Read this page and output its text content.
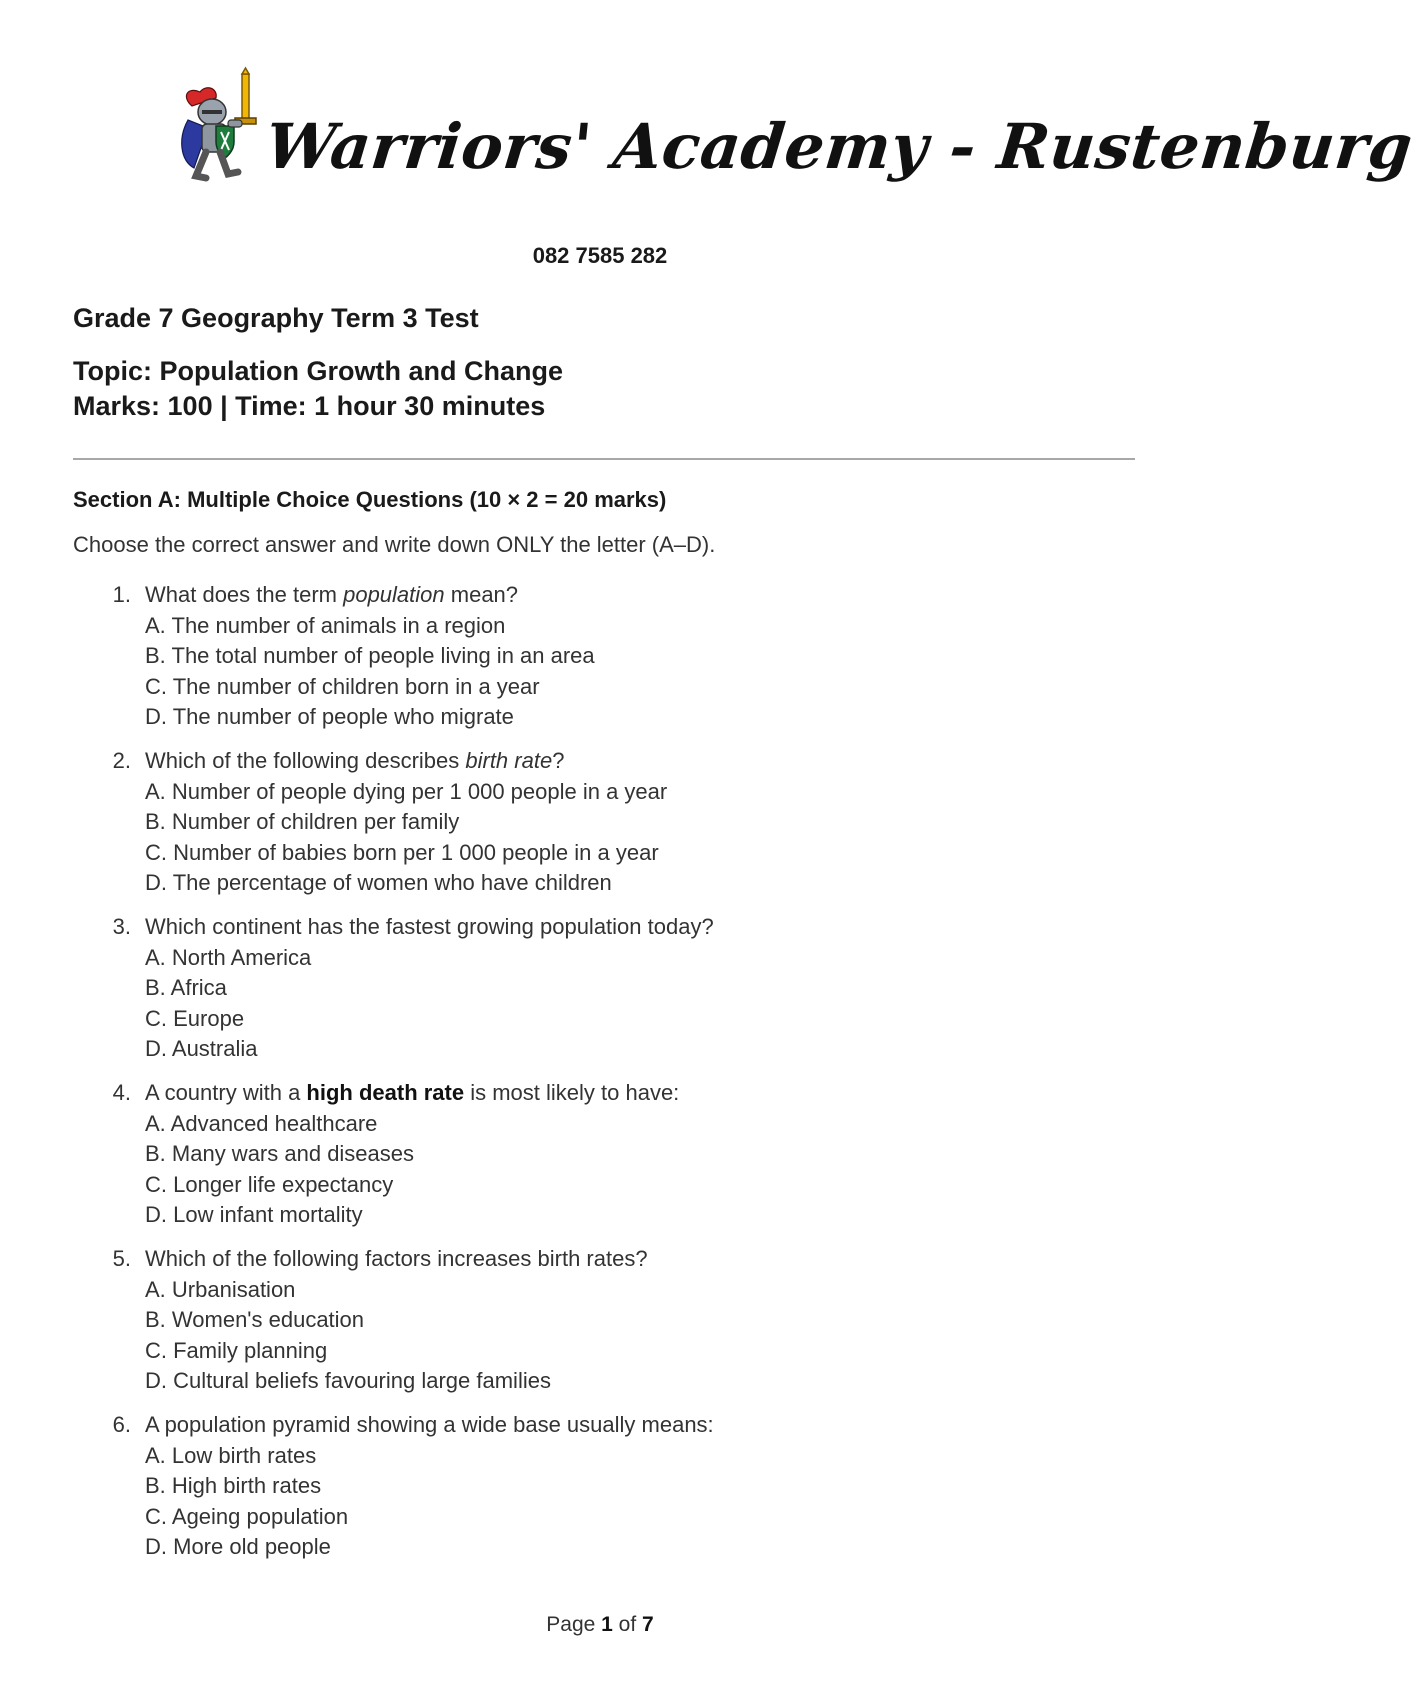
Warriors' Academy - Rustenburg
082 7585 282
Grade 7 Geography Term 3 Test
Topic: Population Growth and Change
Marks: 100 | Time: 1 hour 30 minutes
Section A: Multiple Choice Questions (10 × 2 = 20 marks)
Choose the correct answer and write down ONLY the letter (A–D).
1. What does the term population mean?
A. The number of animals in a region
B. The total number of people living in an area
C. The number of children born in a year
D. The number of people who migrate
2. Which of the following describes birth rate?
A. Number of people dying per 1 000 people in a year
B. Number of children per family
C. Number of babies born per 1 000 people in a year
D. The percentage of women who have children
3. Which continent has the fastest growing population today?
A. North America
B. Africa
C. Europe
D. Australia
4. A country with a high death rate is most likely to have:
A. Advanced healthcare
B. Many wars and diseases
C. Longer life expectancy
D. Low infant mortality
5. Which of the following factors increases birth rates?
A. Urbanisation
B. Women's education
C. Family planning
D. Cultural beliefs favouring large families
6. A population pyramid showing a wide base usually means:
A. Low birth rates
B. High birth rates
C. Ageing population
D. More old people
Page 1 of 7
